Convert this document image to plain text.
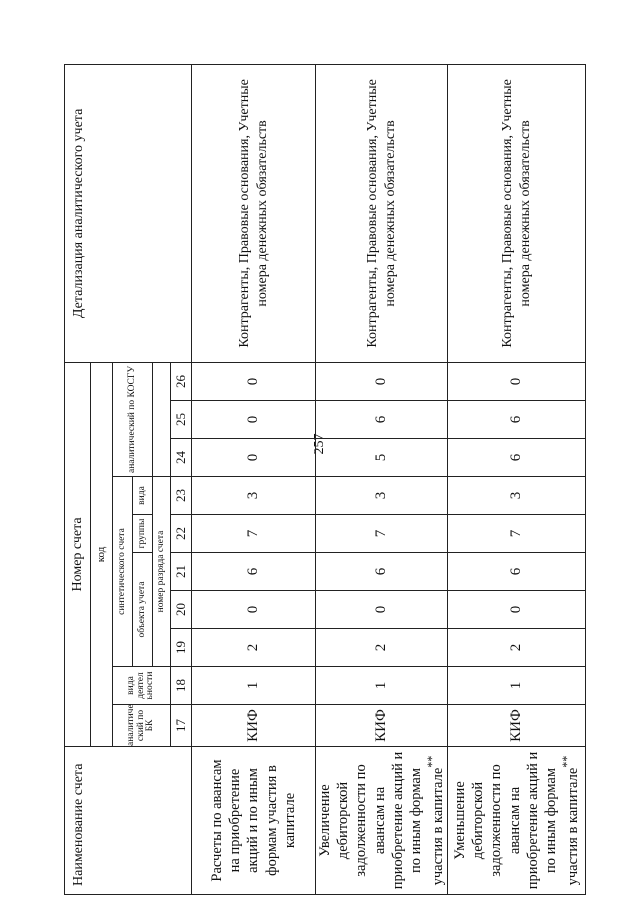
257
Наименование счета	Номер счета										Детализация аналитического учета
	код										
	аналитиче ский по БК	вида деятел ьности	синтетического счета					аналитический по КОСГУ			
			объекта учета			группы	вида				
			номер разряда счета								
	17	18	19	20	21	22	23	24	25	26	
Расчеты по авансам на приобретение акций и по иным формам участия в капитале	КИФ	1	2	0	6	7	3	0	0	0	Контрагенты, Правовые основания, Учетные номера денежных обязательств
Увеличение дебиторской задолженности по авансам на приобретение акций и по иным формам участия в капитале**	КИФ	1	2	0	6	7	3	5	6	0	Контрагенты, Правовые основания, Учетные номера денежных обязательств
Уменьшение дебиторской задолженности по авансам на приобретение акций и по иным формам участия в капитале**	КИФ	1	2	0	6	7	3	6	6	0	Контрагенты, Правовые основания, Учетные номера денежных обязательств
